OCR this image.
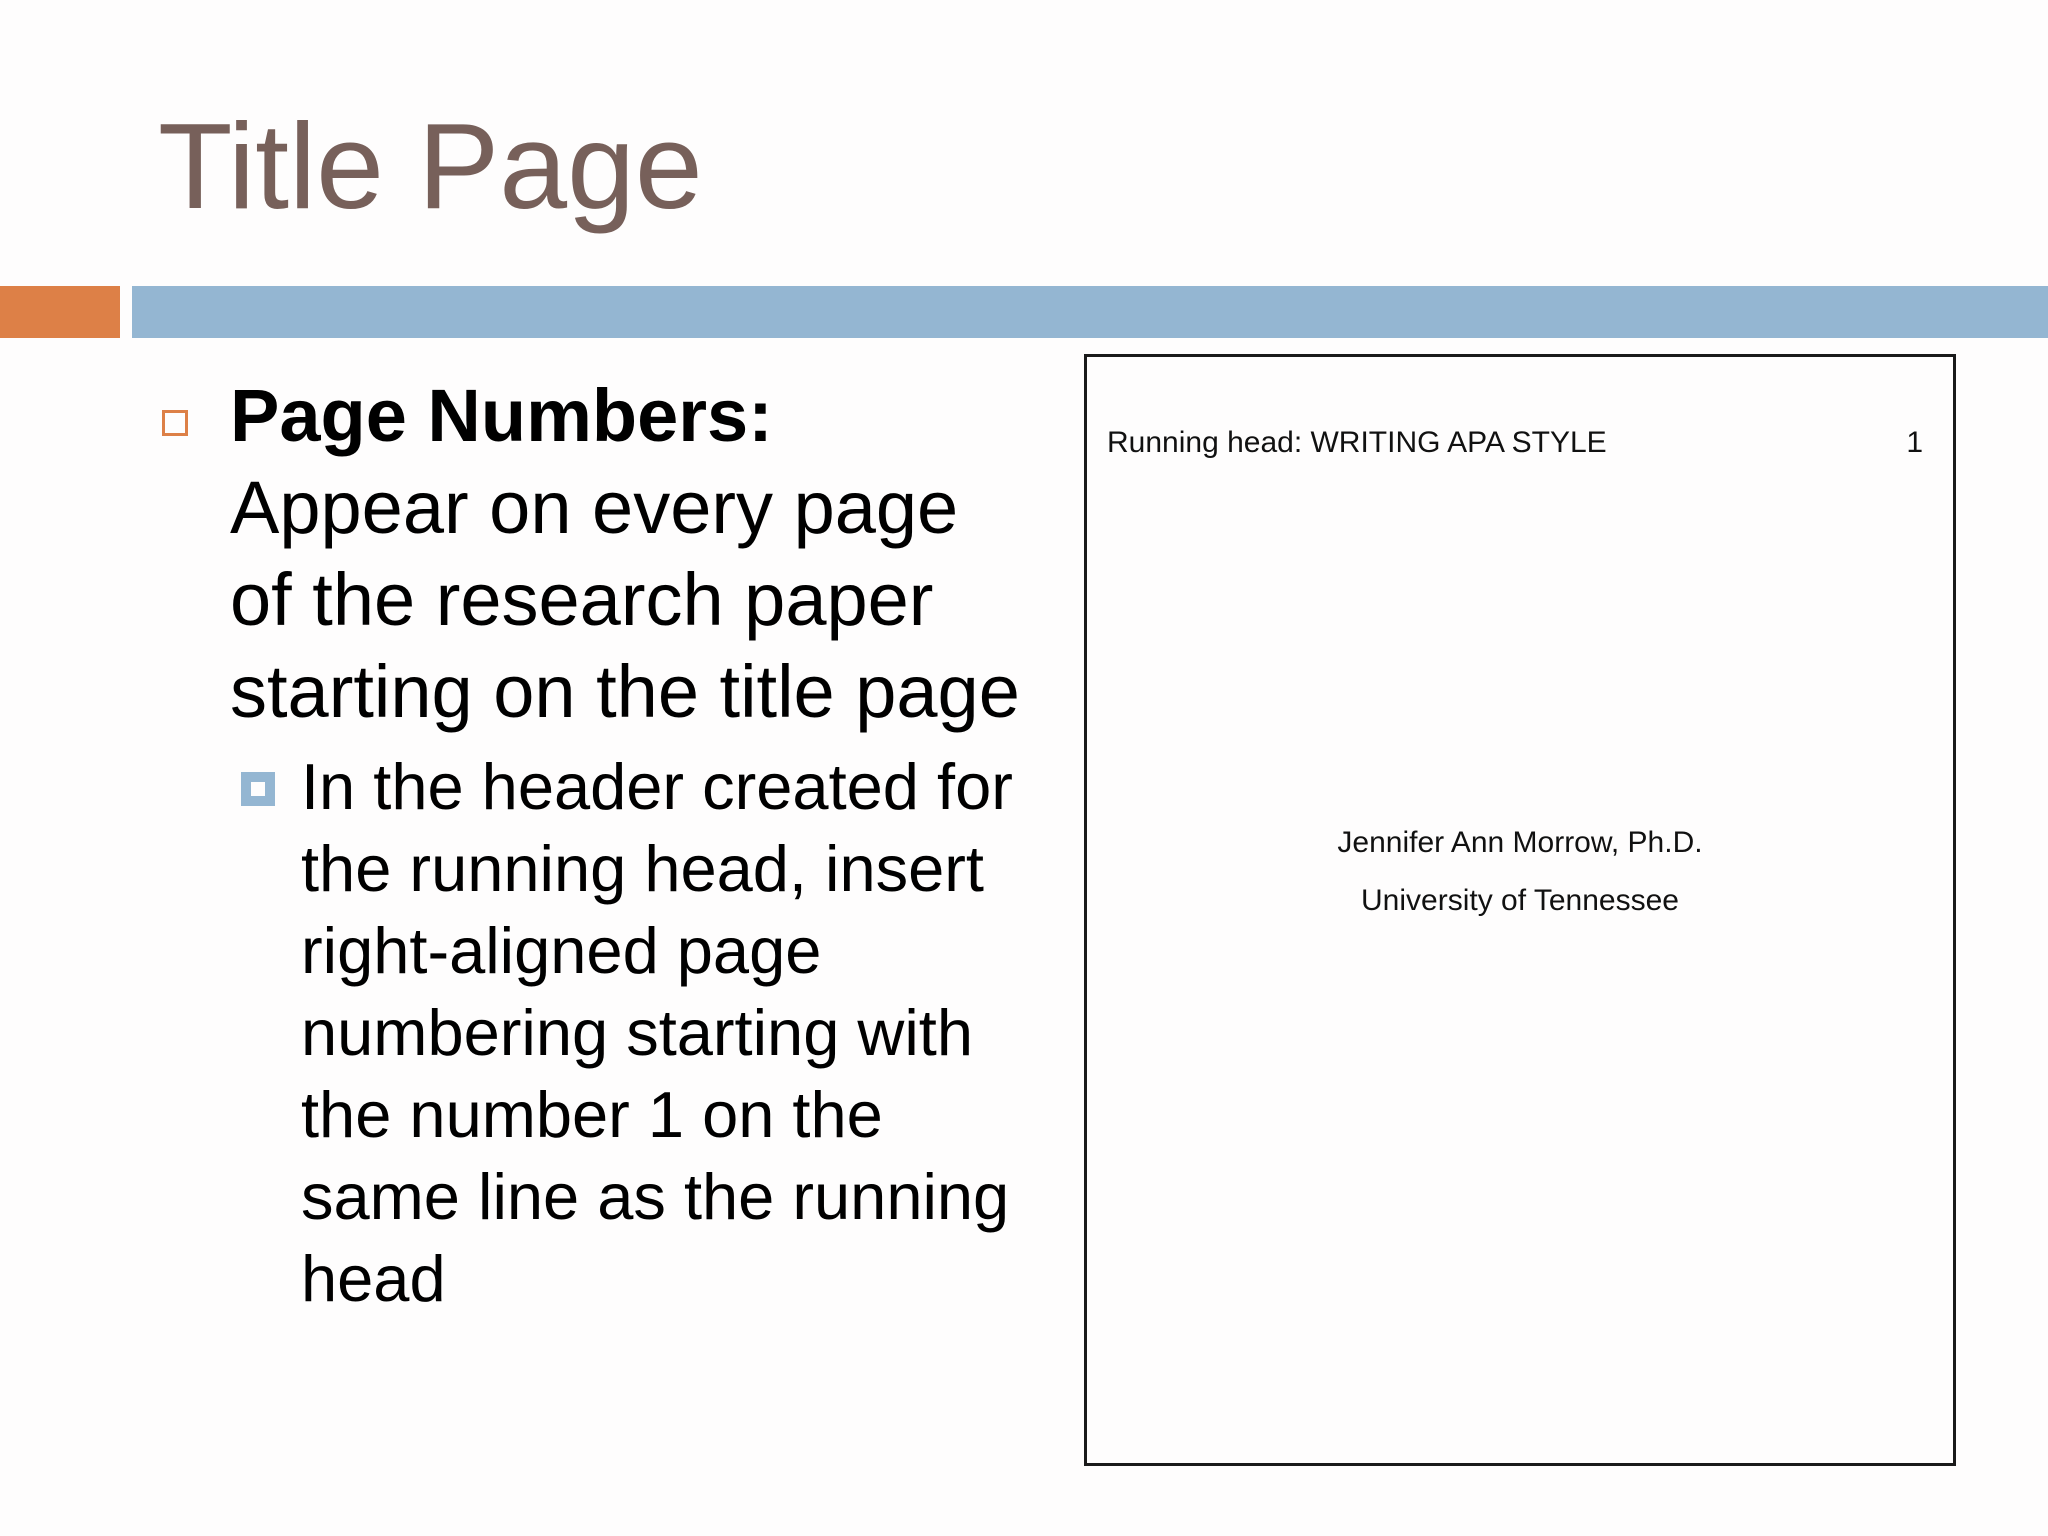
Title Page
Page Numbers:
Appear on every page of the research paper starting on the title page
In the header created for the running head, insert right-aligned page numbering starting with the number 1 on the same line as the running head
Running head: WRITING APA STYLE	1
Jennifer Ann Morrow, Ph.D.
University of Tennessee
